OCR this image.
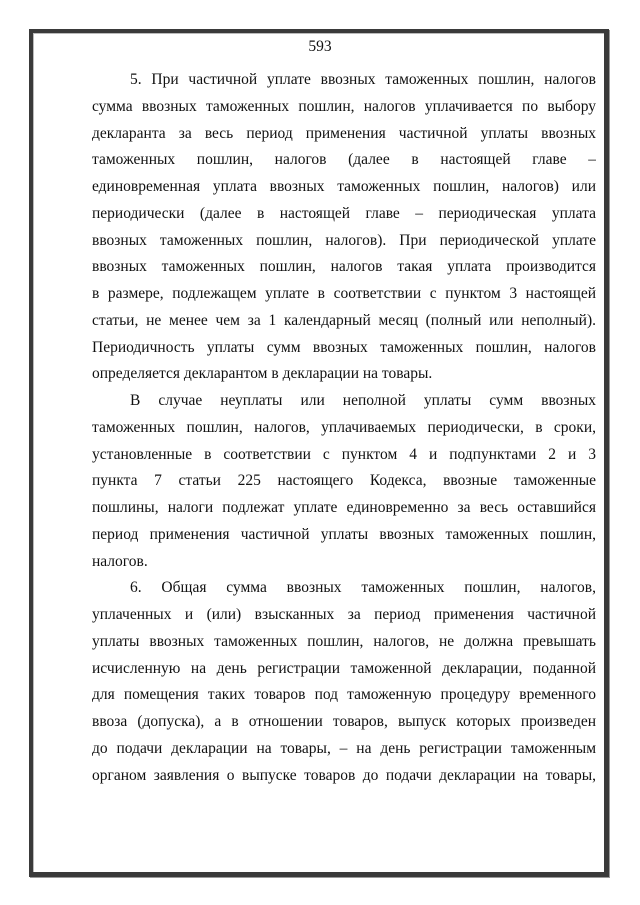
593
5. При частичной уплате ввозных таможенных пошлин, налогов
сумма ввозных таможенных пошлин, налогов уплачивается по выбору
декларанта за весь период применения частичной уплаты ввозных
таможенных пошлин, налогов (далее в настоящей главе –
единовременная уплата ввозных таможенных пошлин, налогов) или
периодически (далее в настоящей главе – периодическая уплата
ввозных таможенных пошлин, налогов). При периодической уплате
ввозных таможенных пошлин, налогов такая уплата производится
в размере, подлежащем уплате в соответствии с пунктом 3 настоящей
статьи, не менее чем за 1 календарный месяц (полный или неполный).
Периодичность уплаты сумм ввозных таможенных пошлин, налогов
определяется декларантом в декларации на товары.
В случае неуплаты или неполной уплаты сумм ввозных
таможенных пошлин, налогов, уплачиваемых периодически, в сроки,
установленные в соответствии с пунктом 4 и подпунктами 2 и 3
пункта 7 статьи 225 настоящего Кодекса, ввозные таможенные
пошлины, налоги подлежат уплате единовременно за весь оставшийся
период применения частичной уплаты ввозных таможенных пошлин,
налогов.
6. Общая сумма ввозных таможенных пошлин, налогов,
уплаченных и (или) взысканных за период применения частичной
уплаты ввозных таможенных пошлин, налогов, не должна превышать
исчисленную на день регистрации таможенной декларации, поданной
для помещения таких товаров под таможенную процедуру временного
ввоза (допуска), а в отношении товаров, выпуск которых произведен
до подачи декларации на товары, – на день регистрации таможенным
органом заявления о выпуске товаров до подачи декларации на товары,
